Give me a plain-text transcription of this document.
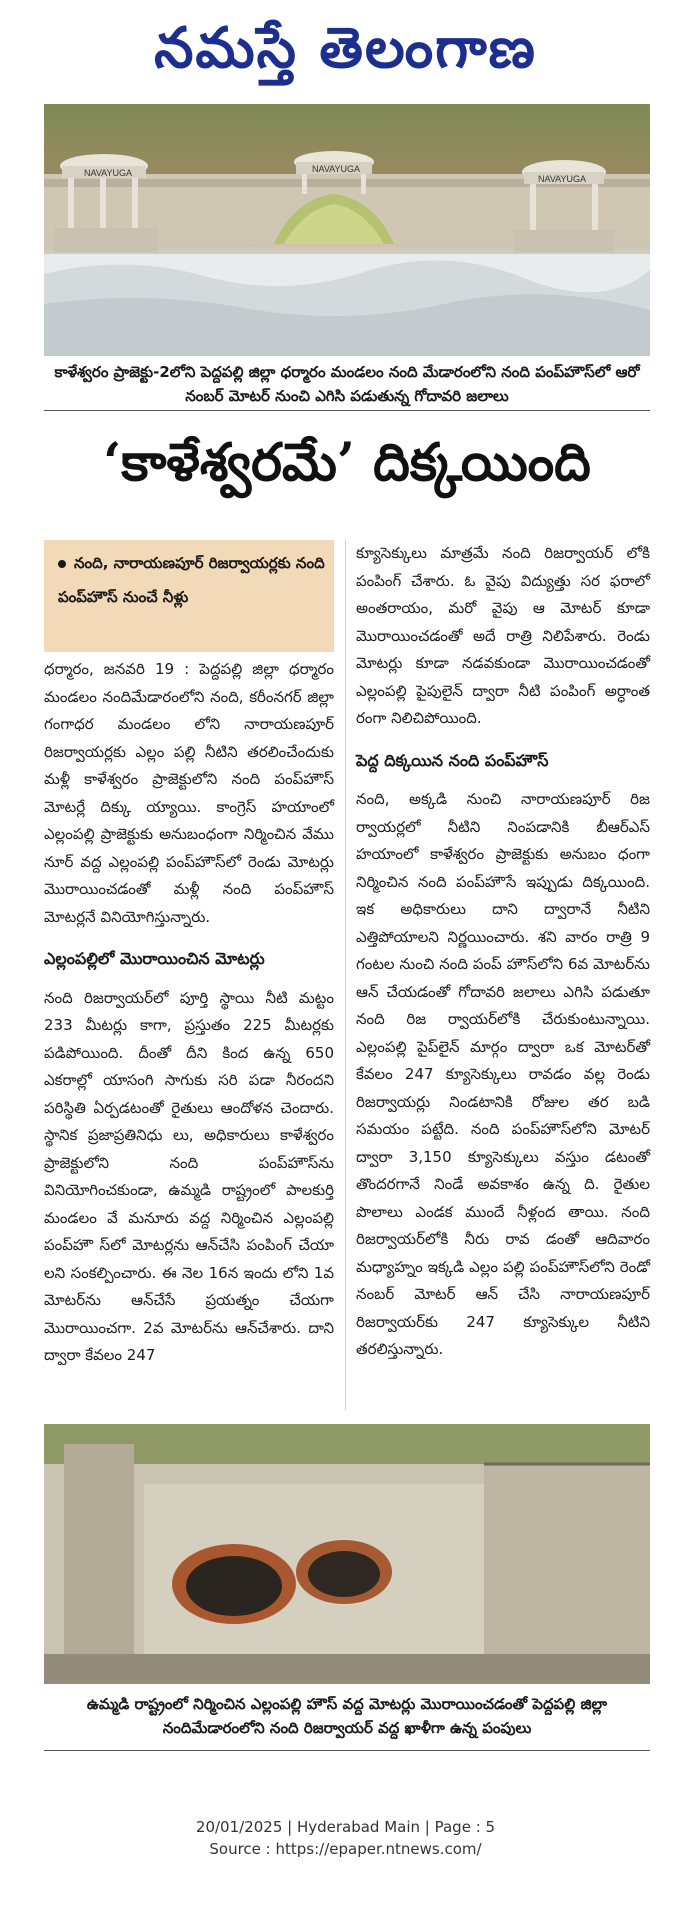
నమస్తే తెలంగాణ
NAVAYUGA	NAVAYUGA
NAVAYUGA
కాళేశ్వరం ప్రాజెక్టు-2లోని పెద్దపల్లి జిల్లా ధర్మారం మండలం నంది మేడారంలోని నంది పంప్‌హౌస్‌లో ఆరో నంబర్ మోటర్ నుంచి ఎగిసి పడుతున్న గోదావరి జలాలు
‘కాళేశ్వరమే’ దిక్కయింది
నంది, నారాయణపూర్ రిజర్వాయర్లకు నంది పంప్‌హౌస్ నుంచే నీళ్లు

ధర్మారం, జనవరి 19 : పెద్దపల్లి జిల్లా ధర్మారం మండలం నందిమేడారంలోని నంది, కరీంనగర్ జిల్లా గంగాధర మండలం లోని నారాయణపూర్ రిజర్వాయర్లకు ఎల్లం పల్లి నీటిని తరలించేందుకు మళ్లీ కాళేశ్వరం ప్రాజెక్టులోని నంది పంప్‌హౌస్ మోటర్లే దిక్కు య్యాయి. కాంగ్రెస్ హయాంలో ఎల్లంపల్లి ప్రాజెక్టుకు అనుబంధంగా నిర్మించిన వేము నూర్ వద్ద ఎల్లంపల్లి పంప్‌హౌస్‌లో రెండు మోటర్లు మొరాయించడంతో మళ్లీ నంది పంప్‌హౌస్ మోటర్లనే వినియోగిస్తున్నారు.

ఎల్లంపల్లిలో మొరాయించిన మోటర్లు

నంది రిజర్వాయర్‌లో పూర్తి స్థాయి నీటి మట్టం 233 మీటర్లు కాగా, ప్రస్తుతం 225 మీటర్లకు పడిపోయింది. దీంతో దీని కింద ఉన్న 650 ఎకరాల్లో యాసంగి సాగుకు సరి పడా నీరందని పరిస్థితి ఏర్పడటంతో రైతులు ఆందోళన చెందారు. స్థానిక ప్రజాప్రతినిధు లు, అధికారులు కాళేశ్వరం ప్రాజెక్టులోని నంది పంప్‌హౌస్‌ను వినియోగించకుండా, ఉమ్మడి రాష్ట్రంలో పాలకుర్తి మండలం వే మనూరు వద్ద నిర్మించిన ఎల్లంపల్లి పంప్‌హౌ స్‌లో మోటర్లను ఆన్‌చేసి పంపింగ్ చేయా లని సంకల్పించారు. ఈ నెల 16న ఇందు లోని 1వ మోటర్‌ను ఆన్‌చేసే ప్రయత్నం చేయగా మొరాయించగా. 2వ మోటర్‌ను ఆన్‌చేశారు. దాని ద్వారా కేవలం 247

క్యూసెక్కులు మాత్రమే నంది రిజర్వాయర్ లోకి పంపింగ్ చేశారు. ఓ వైపు విద్యుత్తు సర ఫరాలో అంతరాయం, మరో వైపు ఆ మోటర్ కూడా మొరాయించడంతో అదే రాత్రి నిలిపేశారు. రెండు మోటర్లు కూడా నడవకుండా మొరాయించడంతో ఎల్లంపల్లి పైపులైన్ ద్వారా నీటి పంపింగ్ అర్ధాంత రంగా నిలిచిపోయింది.

పెద్ద దిక్కయిన నంది పంప్‌హౌస్

నంది, అక్కడి నుంచి నారాయణపూర్ రిజ ర్వాయర్లలో నీటిని నింపడానికి బీఆర్‌ఎస్ హయాంలో కాళేశ్వరం ప్రాజెక్టుకు అనుబం ధంగా నిర్మించిన నంది పంప్‌హౌసే ఇప్పుడు దిక్కయింది. ఇక అధికారులు దాని ద్వారానే నీటిని ఎత్తిపోయాలని నిర్ణయించారు. శని వారం రాత్రి 9 గంటల నుంచి నంది పంప్ హౌస్‌లోని 6వ మోటర్‌ను ఆన్ చేయడంతో గోదావరి జలాలు ఎగిసి పడుతూ నంది రిజ ర్వాయర్‌లోకి చేరుకుంటున్నాయి. ఎల్లంపల్లి పైప్‌లైన్ మార్గం ద్వారా ఒక మోటర్‌తో కేవలం 247 క్యూసెక్కులు రావడం వల్ల రెండు రిజర్వాయర్లు నిండటానికి రోజుల తర బడి సమయం పట్టేది. నంది పంప్‌హౌస్‌లోని మోటర్ ద్వారా 3,150 క్యూసెక్కులు వస్తుం డటంతో తొందరగానే నిండే అవకాశం ఉన్న ది. రైతుల పొలాలు ఎండక ముందే నీళ్లంద తాయి. నంది రిజర్వాయర్‌లోకి నీరు రావ డంతో ఆదివారం మధ్యాహ్నం ఇక్కడి ఎల్లం పల్లి పంప్‌హౌస్‌లోని రెండో నంబర్ మోటర్ ఆన్ చేసి నారాయణపూర్ రిజర్వాయర్‌కు 247 క్యూసెక్కుల నీటిని తరలిస్తున్నారు.

ఉమ్మడి రాష్ట్రంలో నిర్మించిన ఎల్లంపల్లి హౌస్ వద్ద మోటర్లు మొరాయించడంతో పెద్దపల్లి జిల్లా నందిమేడారంలోని నంది రిజర్వాయర్ వద్ద ఖాళీగా ఉన్న పంపులు
20/01/2025 | Hyderabad Main | Page : 5
Source : https://epaper.ntnews.com/
